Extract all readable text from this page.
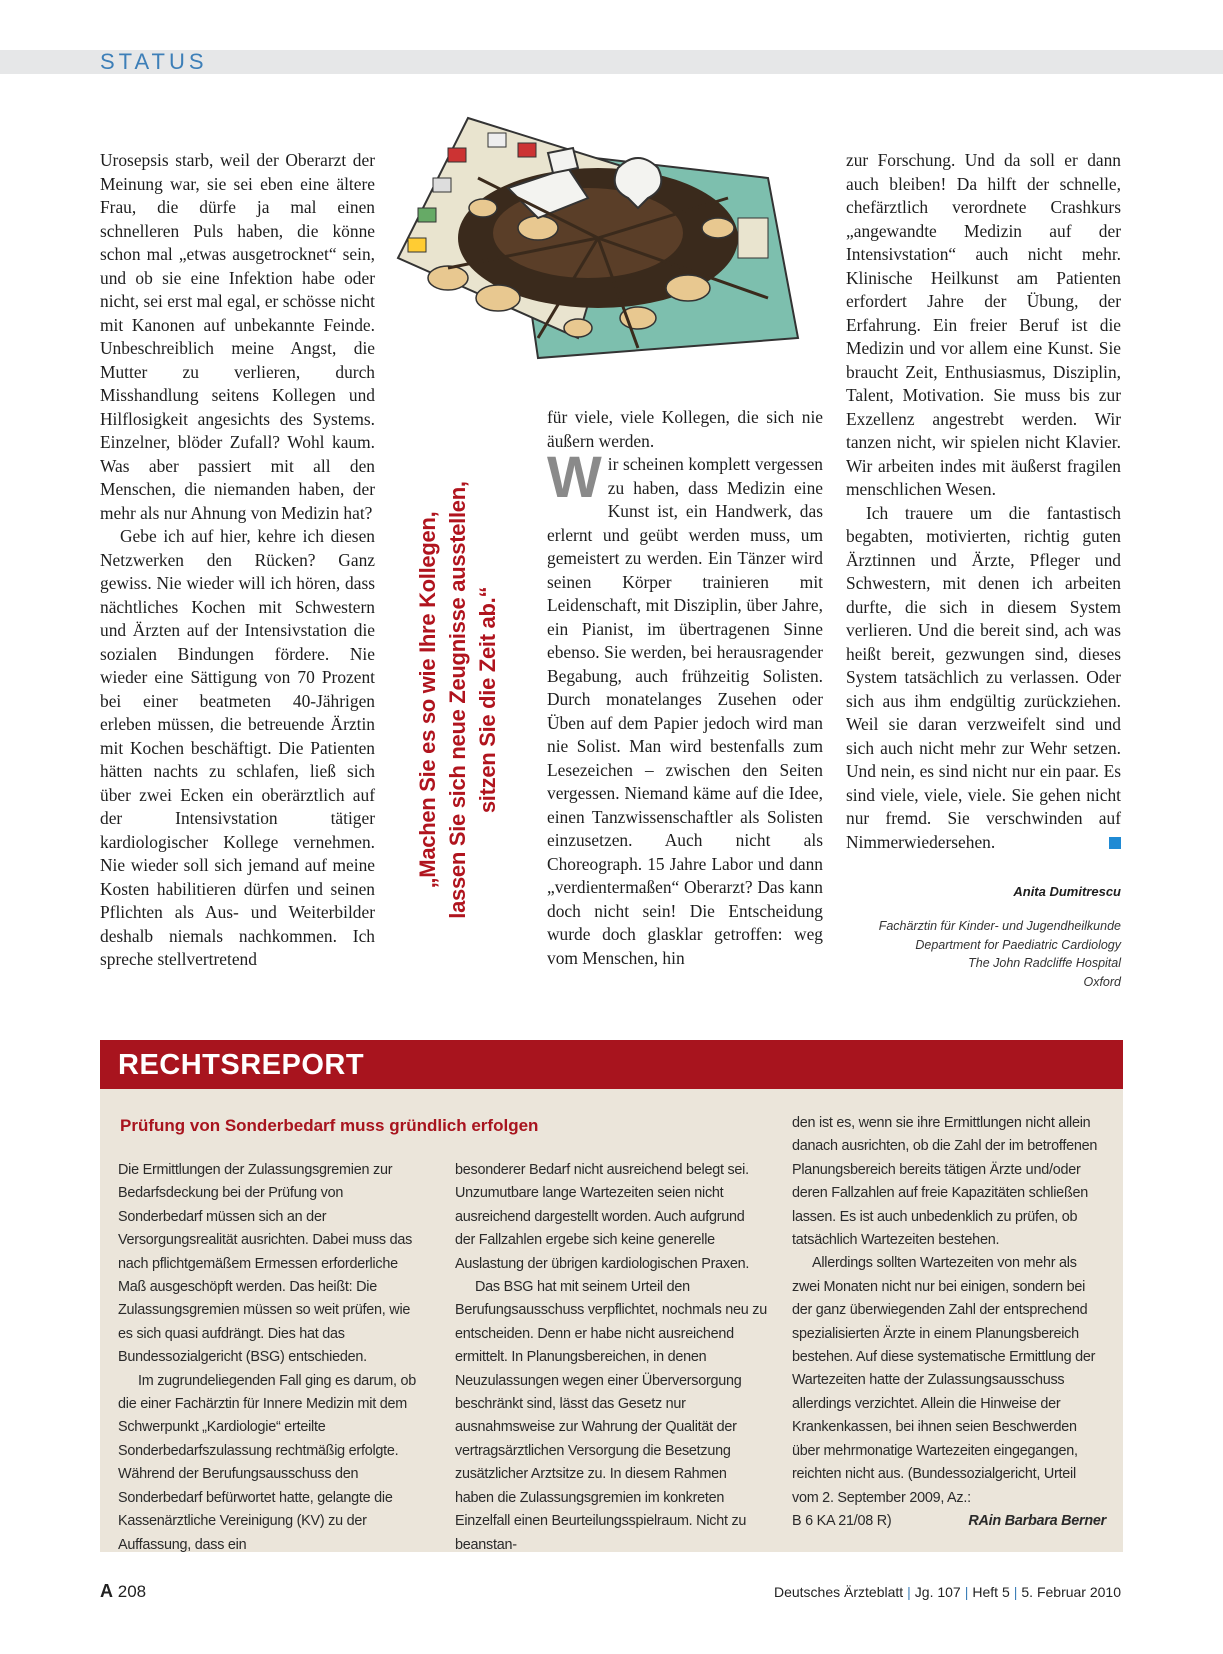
STATUS
„Machen Sie es so wie Ihre Kollegen, lassen Sie sich neue Zeugnisse ausstellen, sitzen Sie die Zeit ab.“

Urosepsis starb, weil der Oberarzt der Meinung war, sie sei eben eine ältere Frau, die dürfe ja mal einen schnelleren Puls haben, die könne schon mal „etwas ausgetrocknet“ sein, und ob sie eine Infektion habe oder nicht, sei erst mal egal, er schösse nicht mit Kanonen auf unbekannte Feinde. Unbeschreiblich meine Angst, die Mutter zu verlieren, durch Misshandlung seitens Kollegen und Hilflosigkeit angesichts des Systems. Einzelner, blöder Zufall? Wohl kaum. Was aber passiert mit all den Menschen, die niemanden haben, der mehr als nur Ahnung von Medizin hat?

Gebe ich auf hier, kehre ich diesen Netzwerken den Rücken? Ganz gewiss. Nie wieder will ich hören, dass nächtliches Kochen mit Schwestern und Ärzten auf der Intensivstation die sozialen Bindungen fördere. Nie wieder eine Sättigung von 70 Prozent bei einer beatmeten 40-Jährigen erleben müssen, die betreuende Ärztin mit Kochen beschäftigt. Die Patienten hätten nachts zu schlafen, ließ sich über zwei Ecken ein oberärztlich auf der Intensivstation tätiger kardiologischer Kollege vernehmen. Nie wieder soll sich jemand auf meine Kosten habilitieren dürfen und seinen Pflichten als Aus- und Weiterbilder deshalb niemals nachkommen. Ich spreche stellvertretend

für viele, viele Kollegen, die sich nie äußern werden.

Wir scheinen komplett vergessen zu haben, dass Medizin eine Kunst ist, ein Handwerk, das erlernt und geübt werden muss, um gemeistert zu werden. Ein Tänzer wird seinen Körper trainieren mit Leidenschaft, mit Disziplin, über Jahre, ein Pianist, im übertragenen Sinne ebenso. Sie werden, bei herausragender Begabung, auch frühzeitig Solisten. Durch monatelanges Zusehen oder Üben auf dem Papier jedoch wird man nie Solist. Man wird bestenfalls zum Lesezeichen – zwischen den Seiten vergessen. Niemand käme auf die Idee, einen Tanzwissenschaftler als Solisten einzusetzen. Auch nicht als Choreograph. 15 Jahre Labor und dann „verdientermaßen“ Oberarzt? Das kann doch nicht sein! Die Entscheidung wurde doch glasklar getroffen: weg vom Menschen, hin

zur Forschung. Und da soll er dann auch bleiben! Da hilft der schnelle, chefärztlich verordnete Crashkurs „angewandte Medizin auf der Intensivstation“ auch nicht mehr. Klinische Heilkunst am Patienten erfordert Jahre der Übung, der Erfahrung. Ein freier Beruf ist die Medizin und vor allem eine Kunst. Sie braucht Zeit, Enthusiasmus, Disziplin, Talent, Motivation. Sie muss bis zur Exzellenz angestrebt werden. Wir tanzen nicht, wir spielen nicht Klavier. Wir arbeiten indes mit äußerst fragilen menschlichen Wesen.

Ich trauere um die fantastisch begabten, motivierten, richtig guten Ärztinnen und Ärzte, Pfleger und Schwestern, mit denen ich arbeiten durfte, die sich in diesem System verlieren. Und die bereit sind, ach was heißt bereit, gezwungen sind, dieses System tatsächlich zu verlassen. Oder sich aus ihm endgültig zurückziehen. Weil sie daran verzweifelt sind und sich auch nicht mehr zur Wehr setzen. Und nein, es sind nicht nur ein paar. Es sind viele, viele, viele. Sie gehen nicht nur fremd. Sie verschwinden auf Nimmerwiedersehen.

Anita Dumitrescu
Fachärztin für Kinder- und Jugendheilkunde
Department for Paediatric Cardiology
The John Radcliffe Hospital
Oxford
RECHTSREPORT
Prüfung von Sonderbedarf muss gründlich erfolgen

Die Ermittlungen der Zulassungsgremien zur Bedarfsdeckung bei der Prüfung von Sonderbedarf müssen sich an der Versorgungsrealität ausrichten. Dabei muss das nach pflichtgemäßem Ermessen erforderliche Maß ausgeschöpft werden. Das heißt: Die Zulassungsgremien müssen so weit prüfen, wie es sich quasi aufdrängt. Dies hat das Bundessozialgericht (BSG) entschieden.

Im zugrundeliegenden Fall ging es darum, ob die einer Fachärztin für Innere Medizin mit dem Schwerpunkt „Kardiologie“ erteilte Sonderbedarfszulassung rechtmäßig erfolgte. Während der Berufungsausschuss den Sonderbedarf befürwortet hatte, gelangte die Kassenärztliche Vereinigung (KV) zu der Auffassung, dass ein

besonderer Bedarf nicht ausreichend belegt sei. Unzumutbare lange Wartezeiten seien nicht ausreichend dargestellt worden. Auch aufgrund der Fallzahlen ergebe sich keine generelle Auslastung der übrigen kardiologischen Praxen.

Das BSG hat mit seinem Urteil den Berufungsausschuss verpflichtet, nochmals neu zu entscheiden. Denn er habe nicht ausreichend ermittelt. In Planungsbereichen, in denen Neuzulassungen wegen einer Überversorgung beschränkt sind, lässt das Gesetz nur ausnahmsweise zur Wahrung der Qualität der vertragsärztlichen Versorgung die Besetzung zusätzlicher Arztsitze zu. In diesem Rahmen haben die Zulassungsgremien im konkreten Einzelfall einen Beurteilungsspielraum. Nicht zu beanstan-

den ist es, wenn sie ihre Ermittlungen nicht allein danach ausrichten, ob die Zahl der im betroffenen Planungsbereich bereits tätigen Ärzte und/oder deren Fallzahlen auf freie Kapazitäten schließen lassen. Es ist auch unbedenklich zu prüfen, ob tatsächlich Wartezeiten bestehen.

Allerdings sollten Wartezeiten von mehr als zwei Monaten nicht nur bei einigen, sondern bei der ganz überwiegenden Zahl der entsprechend spezialisierten Ärzte in einem Planungsbereich bestehen. Auf diese systematische Ermittlung der Wartezeiten hatte der Zulassungsausschuss allerdings verzichtet. Allein die Hinweise der Krankenkassen, bei ihnen seien Beschwerden über mehrmonatige Wartezeiten eingegangen, reichten nicht aus. (Bundessozialgericht, Urteil vom 2. September 2009, Az.:

B 6 KA 21/08 R)	RAin Barbara Berner
A 208	Deutsches Ärzteblatt | Jg. 107 | Heft 5 | 5. Februar 2010
